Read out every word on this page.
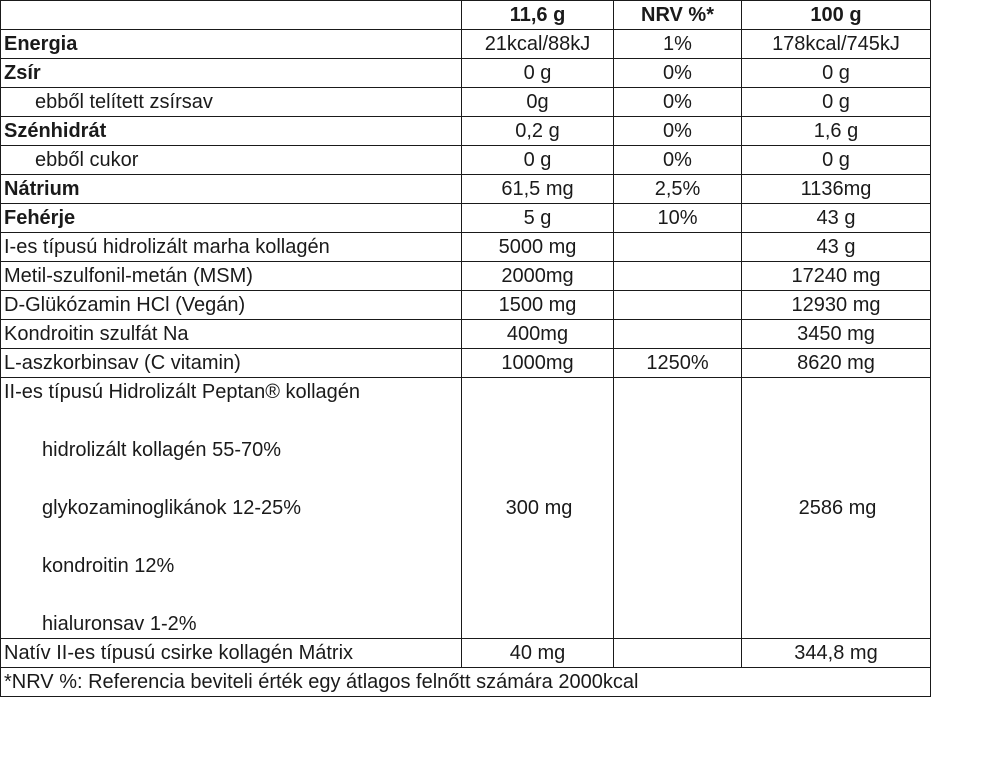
	11,6 g	NRV %*	100 g
Energia	21kcal/88kJ	1%	178kcal/745kJ
Zsír	0 g	0%	0 g
ebből telített zsírsav	0g	0%	0 g
Szénhidrát	0,2 g	0%	1,6 g
ebből cukor	0 g	0%	0 g
Nátrium	61,5 mg	2,5%	1136mg
Fehérje	5 g	10%	43 g
I-es típusú hidrolizált marha kollagén	5000 mg		43 g
Metil-szulfonil-metán (MSM)	2000mg		17240 mg
D-Glükózamin HCl (Vegán)	1500 mg		12930 mg
Kondroitin szulfát Na	400mg		3450 mg
L-aszkorbinsav (C vitamin)	1000mg	1250%	8620 mg

II-es típusú Hidrolizált Peptan® kollagén
hidrolizált kollagén 55-70%
glykozaminoglikánok 12-25%
kondroitin 12%
hialuronsav 1-2%	300 mg		2586 mg
Natív II-es típusú csirke kollagén Mátrix	40 mg		344,8 mg
*NRV %: Referencia beviteli érték egy átlagos felnőtt számára 2000kcal			
